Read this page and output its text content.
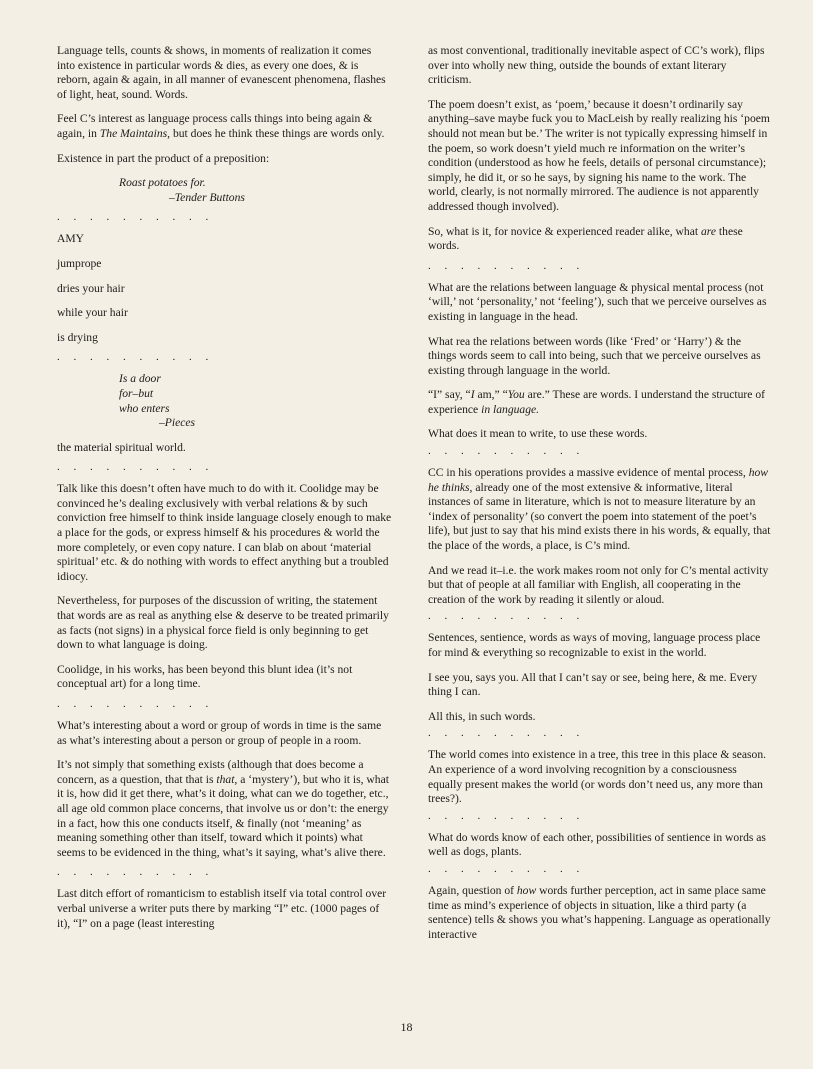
Language tells, counts & shows, in moments of realization it comes into existence in particular words & dies, as every one does, & is reborn, again & again, in all manner of evanescent phenomena, flashes of light, heat, sound. Words.

Feel C’s interest as language process calls things into being again & again, in The Maintains, but does he think these things are words only.

Existence in part the product of a preposition:

Roast potatoes for.
–Tender Buttons
. . . . . . . . . .

AMY

jumprope

dries your hair

while your hair

is drying

. . . . . . . . . .
Is a door
for–but
who enters
–Pieces

the material spiritual world.

. . . . . . . . . .

Talk like this doesn’t often have much to do with it. Coolidge may be convinced he’s dealing exclusively with verbal relations & by such conviction free himself to think inside language closely enough to make a place for the gods, or express himself & his procedures & world the more completely, or even copy nature. I can blab on about ‘material spiritual’ etc. & do nothing with words to effect anything but a troubled idiocy.

Nevertheless, for purposes of the discussion of writing, the statement that words are as real as anything else & deserve to be treated primarily as facts (not signs) in a physical force field is only beginning to get down to what language is doing.

Coolidge, in his works, has been beyond this blunt idea (it’s not conceptual art) for a long time.

. . . . . . . . . .

What’s interesting about a word or group of words in time is the same as what’s interesting about a person or group of people in a room.

It’s not simply that something exists (although that does become a concern, as a question, that that is that, a ‘mystery’), but who it is, what it is, how did it get there, what’s it doing, what can we do together, etc., all age old common place concerns, that involve us or don’t: the energy in a fact, how this one conducts itself, & finally (not ‘meaning’ as meaning something other than itself, toward which it points) what seems to be evidenced in the thing, what’s it saying, what’s alive there.

. . . . . . . . . .

Last ditch effort of romanticism to establish itself via total control over verbal universe a writer puts there by marking “I” etc. (1000 pages of it), “I” on a page (least interesting

as most conventional, traditionally inevitable aspect of CC’s work), flips over into wholly new thing, outside the bounds of extant literary criticism.

The poem doesn’t exist, as ‘poem,’ because it doesn’t ordinarily say anything–save maybe fuck you to MacLeish by really realizing his ‘poem should not mean but be.’ The writer is not typically expressing himself in the poem, so work doesn’t yield much re information on the writer’s condition (understood as how he feels, details of personal circumstance); simply, he did it, or so he says, by signing his name to the work. The world, clearly, is not normally mirrored. The audience is not apparently addressed though involved).

So, what is it, for novice & experienced reader alike, what are these words.

. . . . . . . . . .

What are the relations between language & physical mental process (not ‘will,’ not ‘personality,’ not ‘feeling’), such that we perceive ourselves as existing in language in the head.

What rea the relations between words (like ‘Fred’ or ‘Harry’) & the things words seem to call into being, such that we perceive ourselves as existing through language in the world.

“I” say, “I am,” “You are.” These are words. I understand the structure of experience in language.

What does it mean to write, to use these words.

. . . . . . . . . .

CC in his operations provides a massive evidence of mental process, how he thinks, already one of the most extensive & informative, literal instances of same in literature, which is not to measure literature by an ‘index of personality’ (so convert the poem into statement of the poet’s life), but just to say that his mind exists there in his words, & equally, that the place of the words, a place, is C’s mind.

And we read it–i.e. the work makes room not only for C’s mental activity but that of people at all familiar with English, all cooperating in the creation of the work by reading it silently or aloud.

. . . . . . . . . .

Sentences, sentience, words as ways of moving, language process place for mind & everything so recognizable to exist in the world.

I see you, says you. All that I can’t say or see, being here, & me. Every thing I can.

All this, in such words.

. . . . . . . . . .

The world comes into existence in a tree, this tree in this place & season. An experience of a word involving recognition by a consciousness equally present makes the world (or words don’t need us, any more than trees?).

. . . . . . . . . .

What do words know of each other, possibilities of sentience in words as well as dogs, plants.

. . . . . . . . . .

Again, question of how words further perception, act in same place same time as mind’s experience of objects in situation, like a third party (a sentence) tells & shows you what’s happening. Language as operationally interactive

18
